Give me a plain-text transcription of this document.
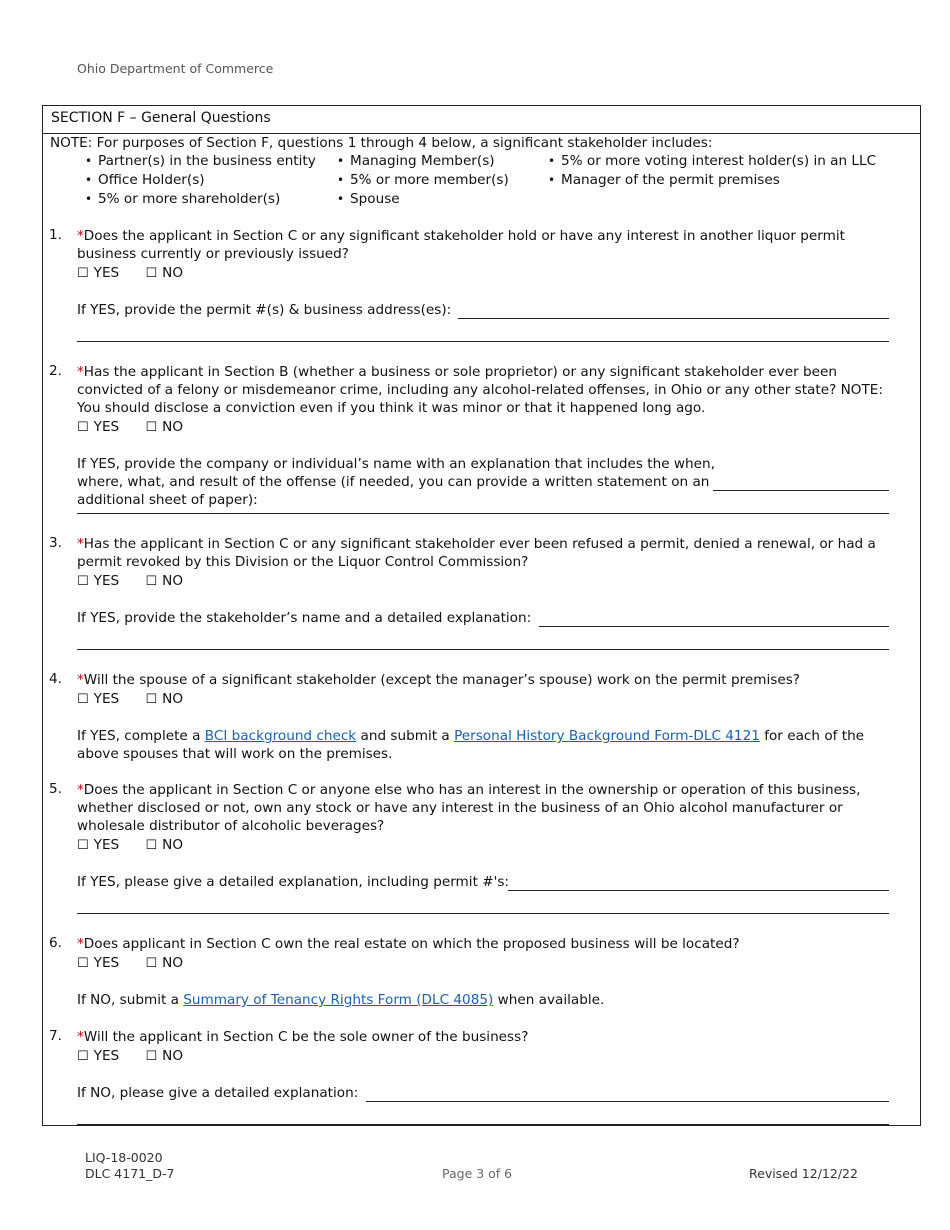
Ohio Department of Commerce
SECTION F – General Questions
NOTE: For purposes of Section F, questions 1 through 4 below, a significant stakeholder includes:
• Partner(s) in the business entity	• Managing Member(s)	• 5% or more voting interest holder(s) in an LLC
• Office Holder(s)	• 5% or more member(s)	• Manager of the permit premises
• 5% or more shareholder(s)	• Spouse
1. *Does the applicant in Section C or any significant stakeholder hold or have any interest in another liquor permit business currently or previously issued?
☐ YES ☐ NO
If YES, provide the permit #(s) & business address(es):
2. *Has the applicant in Section B (whether a business or sole proprietor) or any significant stakeholder ever been convicted of a felony or misdemeanor crime, including any alcohol-related offenses, in Ohio or any other state? NOTE: You should disclose a conviction even if you think it was minor or that it happened long ago.
☐ YES ☐ NO
If YES, provide the company or individual’s name with an explanation that includes the when, where, what, and result of the offense (if needed, you can provide a written statement on an additional sheet of paper):
3. *Has the applicant in Section C or any significant stakeholder ever been refused a permit, denied a renewal, or had a permit revoked by this Division or the Liquor Control Commission?
☐ YES ☐ NO
If YES, provide the stakeholder’s name and a detailed explanation:
4. *Will the spouse of a significant stakeholder (except the manager’s spouse) work on the permit premises?
☐ YES ☐ NO
If YES, complete a BCI background check and submit a Personal History Background Form-DLC 4121 for each of the above spouses that will work on the premises.
5. *Does the applicant in Section C or anyone else who has an interest in the ownership or operation of this business, whether disclosed or not, own any stock or have any interest in the business of an Ohio alcohol manufacturer or wholesale distributor of alcoholic beverages?
☐ YES ☐ NO
If YES, please give a detailed explanation, including permit #'s:
6. *Does applicant in Section C own the real estate on which the proposed business will be located?
☐ YES ☐ NO
If NO, submit a Summary of Tenancy Rights Form (DLC 4085) when available.
7. *Will the applicant in Section C be the sole owner of the business?
☐ YES ☐ NO
If NO, please give a detailed explanation:
LIQ-18-0020
DLC 4171_D-7	Page 3 of 6	Revised 12/12/22
